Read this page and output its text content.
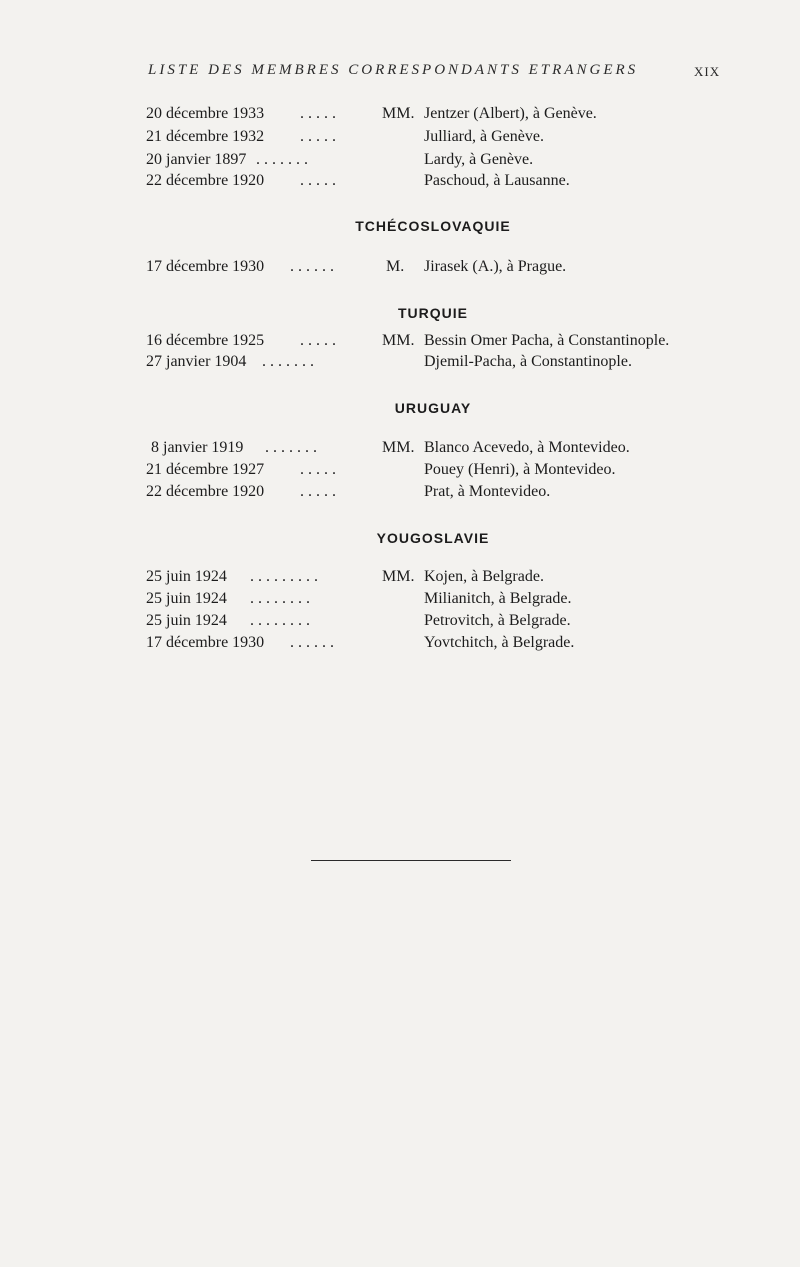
LISTE DES MEMBRES CORRESPONDANTS ETRANGERS	XIX
20 décembre 1933 .....	MM. Jentzer (Albert), à Genève.
21 décembre 1932 .....	Julliard, à Genève.
20 janvier 1897 .......	Lardy, à Genève.
22 décembre 1920 .....	Paschoud, à Lausanne.
TCHÉCOSLOVAQUIE
17 décembre 1930 ......	M. Jirasek (A.), à Prague.
TURQUIE
16 décembre 1925 .....	MM. Bessin Omer Pacha, à Constantinople.
27 janvier 1904 .......	Djemil-Pacha, à Constantinople.
URUGUAY
8 janvier 1919 .......	MM. Blanco Acevedo, à Montevideo.
21 décembre 1927 .....	Pouey (Henri), à Montevideo.
22 décembre 1920 .....	Prat, à Montevideo.
YOUGOSLAVIE
25 juin 1924 .........	MM. Kojen, à Belgrade.
25 juin 1924 ........	Milianitch, à Belgrade.
25 juin 1924 ........	Petrovitch, à Belgrade.
17 décembre 1930 ......	Yovtchitch, à Belgrade.
